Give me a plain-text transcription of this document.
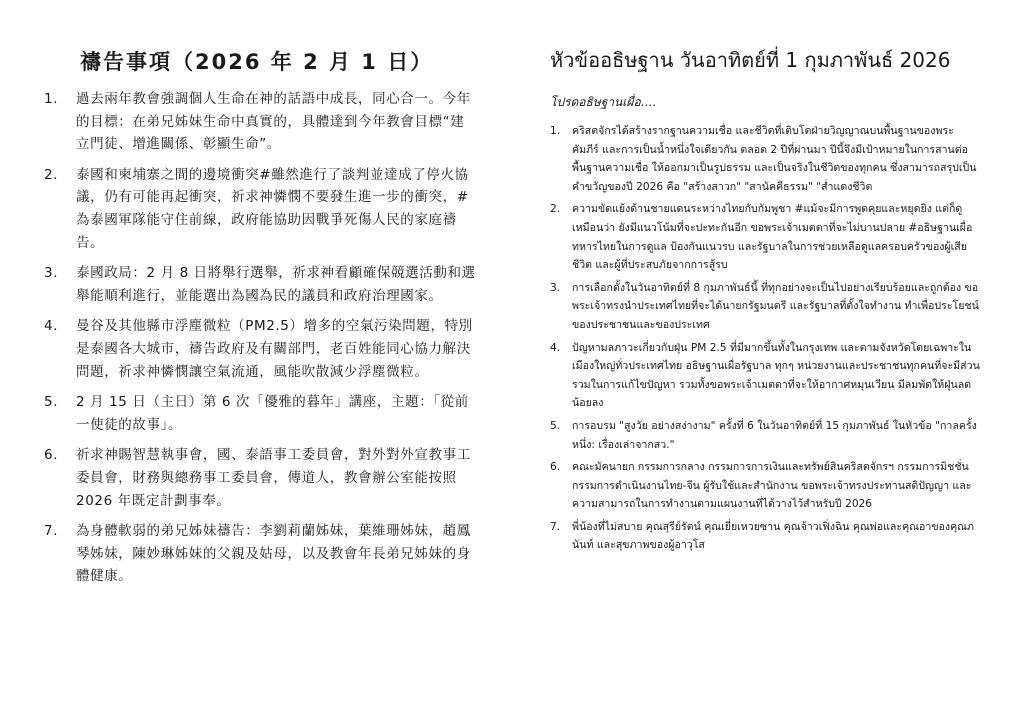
禱告事項（2026 年 2 月 1 日）
1.	過去兩年教會強調個人生命在神的話語中成長，同心合一。今年的目標：在弟兄姊妹生命中真實的，具體達到今年教會目標“建立門徒、增進關係、彰顯生命”。
2.	泰國和柬埔寨之間的邊境衝突#雖然進行了談判並達成了停火協議，仍有可能再起衝突，祈求神憐憫不要發生進一步的衝突，# 為泰國軍隊能守住前線，政府能協助因戰爭死傷人民的家庭禱告。
3.	泰國政局：2 月 8 日將舉行選舉，祈求神看顧確保競選活動和選舉能順利進行，並能選出為國為民的議員和政府治理國家。
4.	曼谷及其他縣市浮塵微粒（PM2.5）增多的空氣污染問題，特別是泰國各大城市，禱告政府及有關部門，老百姓能同心協力解決問題，祈求神憐憫讓空氣流通，風能吹散減少浮塵微粒。
5.	2 月 15 日（主日）第 6 次「優雅的暮年」講座，主題：「從前一使徒的故事」。
6.	祈求神賜智慧執事會，國、泰語事工委員會，對外對外宣教事工委員會，財務與總務事工委員會，傳道人，教會辦公室能按照 2026 年既定計劃事奉。
7.	為身體軟弱的弟兄姊妹禱告：李劉莉蘭姊妹，葉維珊姊妹，趙鳳琴姊妹，陳妙琳姊妹的父親及姑母，以及教會年長弟兄姊妹的身體健康。
หัวข้ออธิษฐาน วันอาทิตย์ที่ 1 กุมภาพันธ์ 2026

โปรดอธิษฐานเผื่อ....

1.	คริสตจักรได้สร้างรากฐานความเชื่อ และชีวิตที่เติบโตฝ่ายวิญญาณบนพื้นฐานของพระคัมภีร์ และการเป็นน้ำหนึ่งใจเดียวกัน ตลอด 2 ปีที่ผ่านมา ปีนี้จึงมีเป้าหมายในการสานต่อพื้นฐานความเชื่อ ให้ออกมาเป็นรูปธรรม และเป็นจริงในชีวิตของทุกคน ซึ่งสามารถสรุปเป็นคำขวัญของปี 2026 คือ "สร้างสาวก" "สานัคคีธรรม" "ส่ำแดงชีวิต
2.	ความขัดแย้งด้านชายแดนระหว่างไทยกับกัมพูชา #แม้จะมีการพูดคุยและหยุดยิง แต่ก็ดูเหมือนว่า ยังมีแนวโน้มที่จะปะทะกันอีก ขอพระเจ้าเมตตาที่จะไม่บานปลาย #อธิษฐานเผื่อทหารไทยในการดูแล ป้องกันแนวรบ และรัฐบาลในการช่วยเหลือดูแลครอบครัวของผู้เสียชีวิต และผู้ที่ประสบภัยจากการสู้รบ
3.	การเลือกตั้งในวันอาทิตย์ที่ 8 กุมภาพันธ์นี้ ที่ทุกอย่างจะเป็นไปอย่างเรียบร้อยและถูกต้อง ขอพระเจ้าทรงนำประเทศไทยที่จะได้นายกรัฐมนตรี และรัฐบาลที่ตั้งใจทำงาน ทำเพื่อประโยชน์ของประชาชนและของประเทศ
4.	ปัญหามลภาวะเกี่ยวกับฝุ่น PM 2.5 ที่มีมากขึ้นทั้งในกรุงเทพ และตามจังหวัดโดยเฉพาะในเมืองใหญ่ทั่วประเทศไทย อธิษฐานเผื่อรัฐบาล ทุกๆ หน่วยงานและประชาชนทุกคนที่จะมีส่วนรวมในการแก้ไขปัญหา รวมทั้งขอพระเจ้าเมตตาที่จะให้อากาศหมุนเวียน มีลมพัดให้ฝุ่นลดน้อยลง
5.	การอบรม "สูงวัย อย่างสง่างาม" ครั้งที่ 6 ในวันอาทิตย์ที่ 15 กุมภาพันธ์ ในหัวข้อ "กาลครั้งหนึ่ง: เรื่องเล่าจากสว."
6.	คณะมัคนายก กรรมการกลาง กรรมการการเงินและทรัพย์สินคริสตจักรฯ กรรมการมิชชั่น กรรมการดำเนินงานไทย-จีน ผู้รับใช้และสำนักงาน ขอพระเจ้าทรงประทานสติปัญญา และความสามารถในการทำงานตามแผนงานที่ได้วางไว้สำหรับปี 2026
7.	พี่น้องที่ไม่สบาย คุณสุรีย์รัตน์ คุณเยี่ยเหวยซาน คุณจ้าวเฟิ่งฉิน คุณพ่อและคุณอาของคุณภนันท์ และสุขภาพของผู้อาวุโส
